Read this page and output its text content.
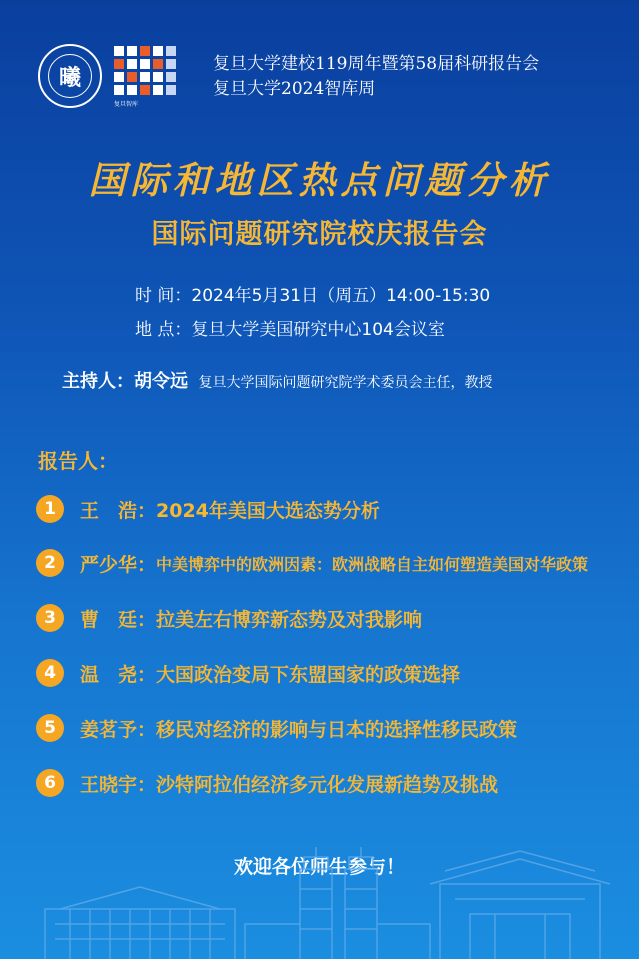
曦
复旦智库
复旦大学建校119周年暨第58届科研报告会
复旦大学2024智库周
国际和地区热点问题分析
国际问题研究院校庆报告会
时 间：2024年5月31日（周五）14:00-15:30
地 点：复旦大学美国研究中心104会议室
主持人：胡令远 复旦大学国际问题研究院学术委员会主任，教授
报告人：
1	王　浩： 2024年美国大选态势分析
2	严少华： 中美博弈中的欧洲因素：欧洲战略自主如何塑造美国对华政策
3	曹　廷： 拉美左右博弈新态势及对我影响
4	温　尧： 大国政治变局下东盟国家的政策选择
5	姜茗予： 移民对经济的影响与日本的选择性移民政策
6	王晓宇： 沙特阿拉伯经济多元化发展新趋势及挑战
欢迎各位师生参与！
